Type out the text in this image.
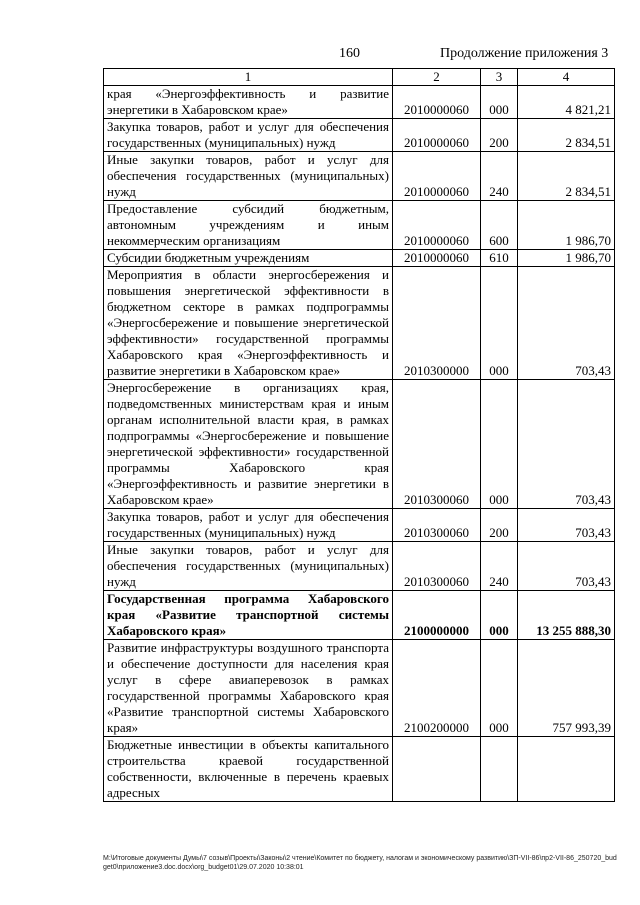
160	Продолжение приложения 3
1	2	3	4
края «Энергоэффективность и развитие энергетики в Хабаровском крае»	2010000060	000	4 821,21
Закупка товаров, работ и услуг для обеспечения государственных (муниципальных) нужд	2010000060	200	2 834,51
Иные закупки товаров, работ и услуг для обеспечения государственных (муниципальных) нужд	2010000060	240	2 834,51
Предоставление субсидий бюджетным, автономным учреждениям и иным некоммерческим организациям	2010000060	600	1 986,70
Субсидии бюджетным учреждениям	2010000060	610	1 986,70
Мероприятия в области энергосбережения и повышения энергетической эффективности в бюджетном секторе в рамках подпрограммы «Энергосбережение и повышение энергетической эффективности» государственной программы Хабаровского края «Энергоэффективность и развитие энергетики в Хабаровском крае»	2010300000	000	703,43
Энергосбережение в организациях края, подведомственных министерствам края и иным органам исполнительной власти края, в рамках подпрограммы «Энергосбережение и повышение энергетической эффективности» государственной программы Хабаровского края «Энергоэффективность и развитие энергетики в Хабаровском крае»	2010300060	000	703,43
Закупка товаров, работ и услуг для обеспечения государственных (муниципальных) нужд	2010300060	200	703,43
Иные закупки товаров, работ и услуг для обеспечения государственных (муниципальных) нужд	2010300060	240	703,43
Государственная программа Хабаровского края «Развитие транспортной системы Хабаровского края»	2100000000	000	13 255 888,30
Развитие инфраструктуры воздушного транспорта и обеспечение доступности для населения края услуг в сфере авиаперевозок в рамках государственной программы Хабаровского края «Развитие транспортной системы Хабаровского края»	2100200000	000	757 993,39
Бюджетные инвестиции в объекты капитального строительства краевой государственной собственности, включенные в перечень краевых адресных			
М:\Итоговые документы Думы\7 созыв\Проекты\Законы\2 чтение\Комитет по бюджету, налогам и экономическому развитию\ЗП-VII-86\пр2-VII-86_250720_budget0\приложение3.doc.docx\org_budget01\29.07.2020 10:38:01
